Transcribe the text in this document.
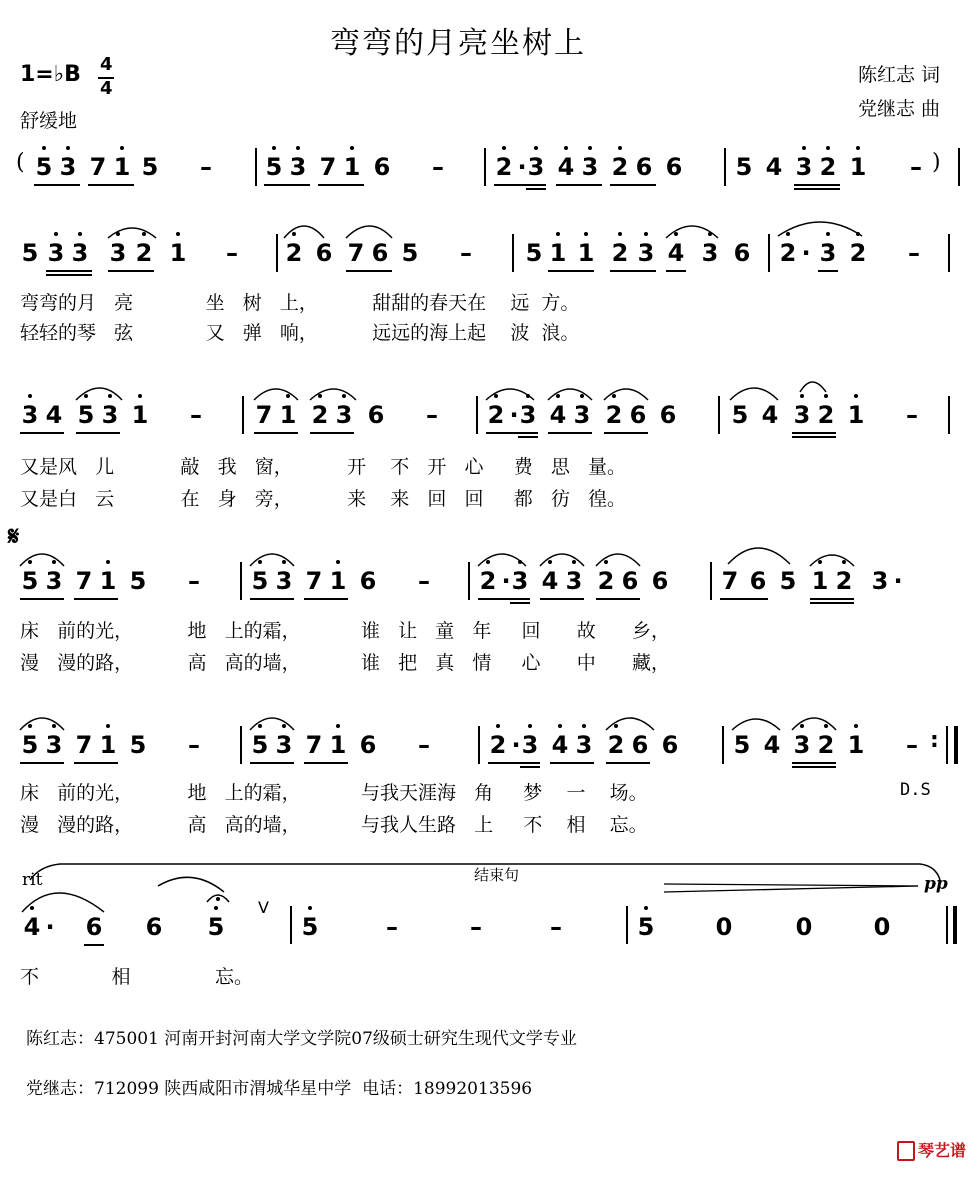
弯弯的月亮坐树上
1=♭B 4
4
舒缓地
陈红志 词
党继志 曲
( 5 3 7 1 5 – 5 3 7 1 6 – 2 · 3 4 3 2 6 6 5 4 3 2 1 – )
5 3 3 3 2 1 – 2 6 7 6 5 – 5 1 1 2 3 4 3 6 2 · 3 2 –
弯弯的月   亮            坐   树   上，         甜甜的春天在    远  方。
轻轻的琴   弦            又   弹   响，         远远的海上起    波  浪。
3 4 5 3 1 – 7 1 2 3 6 – 2 · 3 4 3 2 6 6 5 4 3 2 1 –
又是风   儿           敲   我   窗，         开    不   开   心     费   思   量。
又是白   云           在   身   旁，         来    来   回   回     都   彷   徨。
𝄋
5 3 7 1 5 – 5 3 7 1 6 – 2 · 3 4 3 2 6 6 7 6 5 1 2 3 ·
床   前的光，         地   上的霜，          谁   让   童   年     回      故      乡，
漫   漫的路，         高   高的墙，          谁   把   真   情     心      中      藏，
5 3 7 1 5 – 5 3 7 1 6 – 2 · 3 4 3 2 6 6 5 4 3 2 1 – :
床   前的光，         地   上的霜，          与我天涯海   角     梦    一    场。	D.S
漫   漫的路，         高   高的墙，          与我人生路   上     不    相    忘。
rit	结束句	pp
V
4 · 6 6 5	5	–	–	–	5	0	0	0
不            相              忘。
陈红志：475001 河南开封河南大学文学院07级硕士研究生现代文学专业
党继志：712099 陕西咸阳市渭城华星中学  电话：18992013596
琴艺谱
